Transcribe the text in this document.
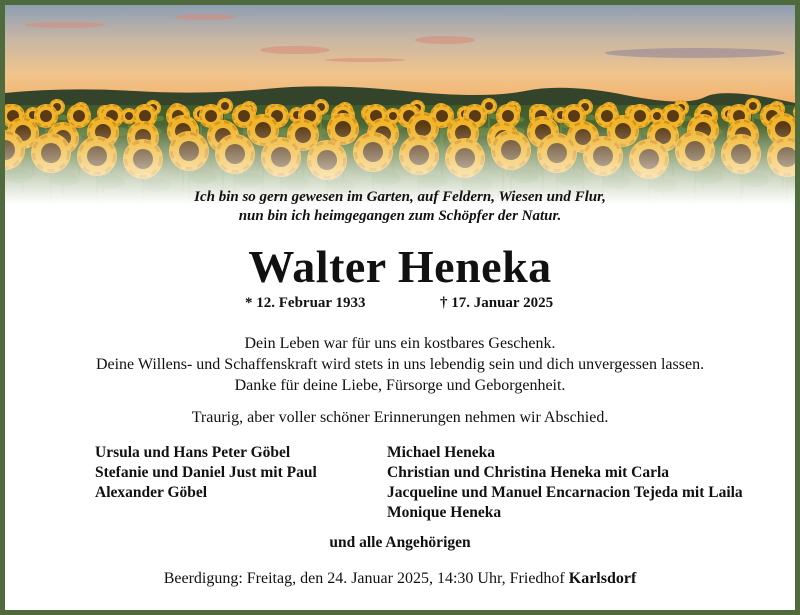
Ich bin so gern gewesen im Garten, auf Feldern, Wiesen und Flur,
nun bin ich heimgegangen zum Schöpfer der Natur.
Walter Heneka
* 12. Februar 1933	† 17. Januar 2025
Dein Leben war für uns ein kostbares Geschenk.
Deine Willens- und Schaffenskraft wird stets in uns lebendig sein und dich unvergessen lassen.
Danke für deine Liebe, Fürsorge und Geborgenheit.
Traurig, aber voller schöner Erinnerungen nehmen wir Abschied.
Ursula und Hans Peter Göbel
Stefanie und Daniel Just mit Paul
Alexander Göbel
Michael Heneka
Christian und Christina Heneka mit Carla
Jacqueline und Manuel Encarnacion Tejeda mit Laila
Monique Heneka
und alle Angehörigen
Beerdigung: Freitag, den 24. Januar 2025, 14:30 Uhr, Friedhof Karlsdorf
